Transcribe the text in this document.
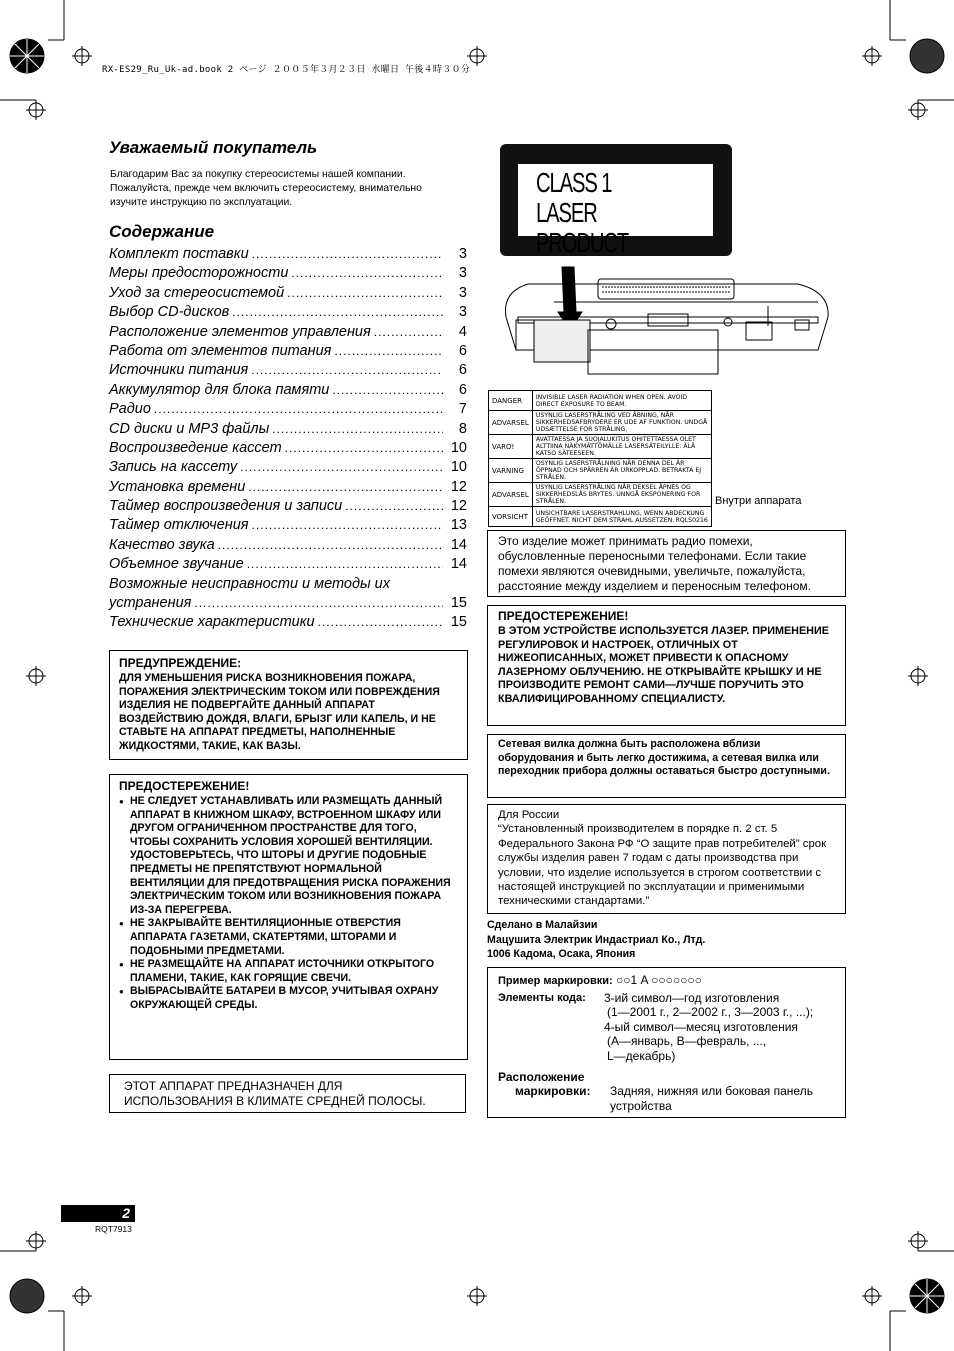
RX-ES29_Ru_Uk-ad.book 2 ページ ２００５年３月２３日 水曜日 午後４時３０分
Уважаемый покупатель
Благодарим Вас за покупку стереосистемы нашей компании. Пожалуйста, прежде чем включить стереосистему, внимательно изучите инструкцию по эксплуатации.
Содержание
Комплект поставки .....	3
Меры предосторожности .....	3
Уход за стереосистемой .....	3
Выбор CD-дисков .....	3
Расположение элементов управления .....	4
Работа от элементов питания .....	6
Источники питания .....	6
Аккумулятор для блока памяти .....	6
Радио .....	7
CD диски и MP3 файлы .....	8
Воспроизведение кассет .....	10
Запись на кассету .....	10
Установка времени .....	12
Таймер воспроизведения и записи .....	12
Таймер отключения .....	13
Качество звука .....	14
Объемное звучание .....	14
Возможные неисправности и методы их
устранения .....	15
Технические характеристики .....	15
ПРЕДУПРЕЖДЕНИЕ:
ДЛЯ УМЕНЬШЕНИЯ РИСКА ВОЗНИКНОВЕНИЯ ПОЖАРА, ПОРАЖЕНИЯ ЭЛЕКТРИЧЕСКИМ ТОКОМ ИЛИ ПОВРЕЖДЕНИЯ ИЗДЕЛИЯ НЕ ПОДВЕРГАЙТЕ ДАННЫЙ АППАРАТ ВОЗДЕЙСТВИЮ ДОЖДЯ, ВЛАГИ, БРЫЗГ ИЛИ КАПЕЛЬ, И НЕ СТАВЬТЕ НА АППАРАТ ПРЕДМЕТЫ, НАПОЛНЕННЫЕ ЖИДКОСТЯМИ, ТАКИЕ, КАК ВАЗЫ.
ПРЕДОСТЕРЕЖЕНИЕ!
● НЕ СЛЕДУЕТ УСТАНАВЛИВАТЬ ИЛИ РАЗМЕЩАТЬ ДАННЫЙ АППАРАТ В КНИЖНОМ ШКАФУ, ВСТРОЕННОМ ШКАФУ ИЛИ ДРУГОМ ОГРАНИЧЕННОМ ПРОСТРАНСТВЕ ДЛЯ ТОГО, ЧТОБЫ СОХРАНИТЬ УСЛОВИЯ ХОРОШЕЙ ВЕНТИЛЯЦИИ. УДОСТОВЕРЬТЕСЬ, ЧТО ШТОРЫ И ДРУГИЕ ПОДОБНЫЕ ПРЕДМЕТЫ НЕ ПРЕПЯТСТВУЮТ НОРМАЛЬНОЙ ВЕНТИЛЯЦИИ ДЛЯ ПРЕДОТВРАЩЕНИЯ РИСКА ПОРАЖЕНИЯ ЭЛЕКТРИЧЕСКИМ ТОКОМ ИЛИ ВОЗНИКНОВЕНИЯ ПОЖАРА ИЗ-ЗА ПЕРЕГРЕВА.
● НЕ ЗАКРЫВАЙТЕ ВЕНТИЛЯЦИОННЫЕ ОТВЕРСТИЯ АППАРАТА ГАЗЕТАМИ, СКАТЕРТЯМИ, ШТОРАМИ И ПОДОБНЫМИ ПРЕДМЕТАМИ.
● НЕ РАЗМЕЩАЙТЕ НА АППАРАТ ИСТОЧНИКИ ОТКРЫТОГО ПЛАМЕНИ, ТАКИЕ, КАК ГОРЯЩИЕ СВЕЧИ.
● ВЫБРАСЫВАЙТЕ БАТАРЕИ В МУСОР, УЧИТЫВАЯ ОХРАНУ ОКРУЖАЮЩЕЙ СРЕДЫ.
ЭТОТ АППАРАТ ПРЕДНАЗНАЧЕН ДЛЯ ИСПОЛЬЗОВАНИЯ В КЛИМАТЕ СРЕДНЕЙ ПОЛОСЫ.
2
RQT7913
CLASS 1
LASER PRODUCT
DANGER	INVISIBLE LASER RADIATION WHEN OPEN. AVOID DIRECT EXPOSURE TO BEAM.
ADVARSEL	USYNLIG LASERSTRÅLING VED ÅBNING, NÅR SIKKERHEDSAFBRYDERE ER UDE AF FUNKTION. UNDGÅ UDSÆTTELSE FOR STRÅLING.
VARO!	AVATTAESSA JA SUOJALUKITUS OHITETTAESSA OLET ALTTIINA NÄKYMÄTTÖMÄLLE LASERSÄTEILYLLE. ÄLÄ KATSO SÄTEESEEN.
VARNING	OSYNLIG LASERSTRÅLNING NÄR DENNA DEL ÄR ÖPPNAD OCH SPÄRREN ÄR URKOPPLAD. BETRAKTA EJ STRÅLEN.
ADVARSEL	USYNLIG LASERSTRÅLING NÅR DEKSEL ÅPNES OG SIKKERHEDSLÅS BRYTES. UNNGÅ EKSPONERING FOR STRÅLEN.
VORSICHT	UNSICHTBARE LASERSTRAHLUNG, WENN ABDECKUNG GEÖFFNET. NICHT DEM STRAHL AUSSETZEN. RQLS0216
Внутри аппарата
Это изделие может принимать радио помехи, обусловленные переносными телефонами. Если такие помехи являются очевидными, увеличьте, пожалуйста, расстояние между изделием и переносным телефоном.
ПРЕДОСТЕРЕЖЕНИЕ!
В ЭТОМ УСТРОЙСТВЕ ИСПОЛЬЗУЕТСЯ ЛАЗЕР. ПРИМЕНЕНИЕ РЕГУЛИРОВОК И НАСТРОЕК, ОТЛИЧНЫХ ОТ НИЖЕОПИСАННЫХ, МОЖЕТ ПРИВЕСТИ К ОПАСНОМУ ЛАЗЕРНОМУ ОБЛУЧЕНИЮ. НЕ ОТКРЫВАЙТЕ КРЫШКУ И НЕ ПРОИЗВОДИТЕ РЕМОНТ САМИ—ЛУЧШЕ ПОРУЧИТЬ ЭТО КВАЛИФИЦИРОВАННОМУ СПЕЦИАЛИСТУ.
Сетевая вилка должна быть расположена вблизи оборудования и быть легко достижима, а сетевая вилка или переходник прибора должны оставаться быстро доступными.
Для России
“Установленный производителем в порядке п. 2 ст. 5 Федерального Закона РФ “О защите прав потребителей” срок службы изделия равен 7 годам с даты производства при условии, что изделие используется в строгом соответствии с настоящей инструкцией по эксплуатации и применимыми техническими стандартами.”
Сделано в Малайзии
Мацушита Электрик Индастриал Ко., Лтд.
1006 Кадома, Осака, Япония
Пример маркировки: ○○1 A ○○○○○○○
Элементы кода:	3-ий символ—год изготовления
(1—2001 г., 2—2002 г., 3—2003 г., ...);
4-ый символ—месяц изготовления
(А—январь, В—февраль, ...,
L—декабрь)
Расположение
маркировки:	Задняя, нижняя или боковая панель устройства
